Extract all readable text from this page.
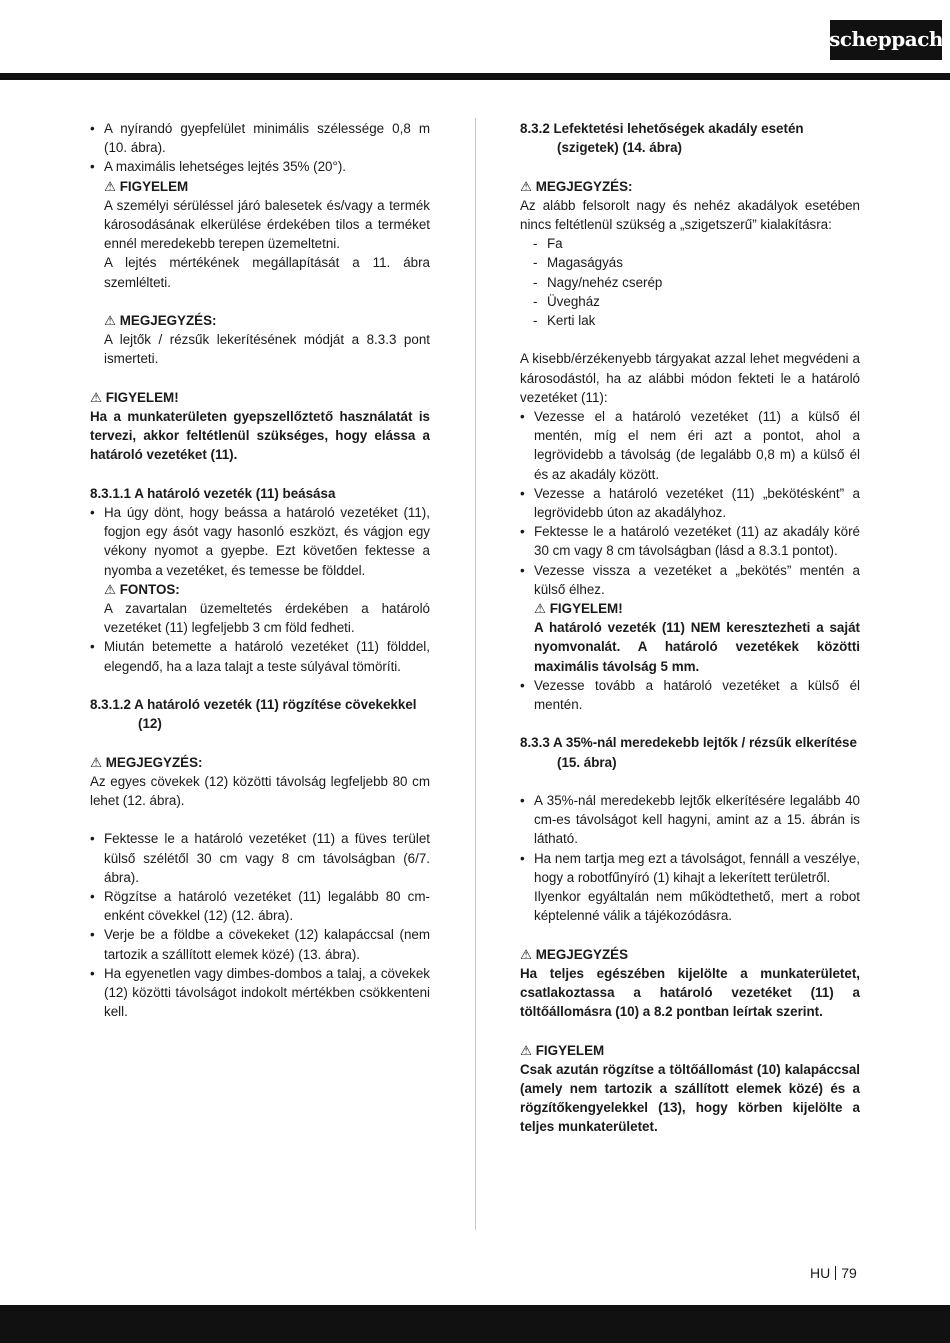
scheppach

• A nyírandó gyepfelület minimális szélessége 0,8 m (10. ábra).

• A maximális lehetséges lejtés 35% (20°).

⚠ FIGYELEM

A személyi sérüléssel járó balesetek és/vagy a termék károsodásának elkerülése érdekében tilos a terméket ennél meredekebb terepen üzemeltetni.

A lejtés mértékének megállapítását a 11. ábra szemlélteti.

⚠ MEGJEGYZÉS:

A lejtők / rézsűk lekerítésének módját a 8.3.3 pont ismerteti.

⚠ FIGYELEM!

Ha a munkaterületen gyepszellőztető használatát is tervezi, akkor feltétlenül szükséges, hogy elássa a határoló vezetéket (11).

8.3.1.1 A határoló vezeték (11) beásása

• Ha úgy dönt, hogy beássa a határoló vezetéket (11), fogjon egy ásót vagy hasonló eszközt, és vágjon egy vékony nyomot a gyepbe. Ezt követően fektesse a nyomba a vezetéket, és temesse be földdel.

⚠ FONTOS:

A zavartalan üzemeltetés érdekében a határoló vezetéket (11) legfeljebb 3 cm föld fedheti.

• Miután betemette a határoló vezetéket (11) földdel, elegendő, ha a laza talajt a teste súlyával tömöríti.

8.3.1.2 A határoló vezeték (11) rögzítése cövekekkel (12)

⚠ MEGJEGYZÉS:

Az egyes cövekek (12) közötti távolság legfeljebb 80 cm lehet (12. ábra).

• Fektesse le a határoló vezetéket (11) a füves terület külső szélétől 30 cm vagy 8 cm távolságban (6/7. ábra).

• Rögzítse a határoló vezetéket (11) legalább 80 cm-enként cövekkel (12) (12. ábra).

• Verje be a földbe a cövekeket (12) kalapáccsal (nem tartozik a szállított elemek közé) (13. ábra).

• Ha egyenetlen vagy dimbes-dombos a talaj, a cövekek (12) közötti távolságot indokolt mértékben csökkenteni kell.

8.3.2 Lefektetési lehetőségek akadály esetén (szigetek) (14. ábra)

⚠ MEGJEGYZÉS:

Az alább felsorolt nagy és nehéz akadályok esetében nincs feltétlenül szükség a „szigetszerű” kialakításra:

- Fa

- Magaságyás

- Nagy/nehéz cserép

- Üvegház

- Kerti lak

A kisebb/érzékenyebb tárgyakat azzal lehet megvédeni a károsodástól, ha az alábbi módon fekteti le a határoló vezetéket (11):

• Vezesse el a határoló vezetéket (11) a külső él mentén, míg el nem éri azt a pontot, ahol a legrövidebb a távolság (de legalább 0,8 m) a külső él és az akadály között.

• Vezesse a határoló vezetéket (11) „bekötésként” a legrövidebb úton az akadályhoz.

• Fektesse le a határoló vezetéket (11) az akadály köré 30 cm vagy 8 cm távolságban (lásd a 8.3.1 pontot).

• Vezesse vissza a vezetéket a „bekötés” mentén a külső élhez.

⚠ FIGYELEM!

A határoló vezeték (11) NEM keresztezheti a saját nyomvonalát. A határoló vezetékek közötti maximális távolság 5 mm.

• Vezesse tovább a határoló vezetéket a külső él mentén.

8.3.3 A 35%-nál meredekebb lejtők / rézsűk elkerítése (15. ábra)

• A 35%-nál meredekebb lejtők elkerítésére legalább 40 cm-es távolságot kell hagyni, amint az a 15. ábrán is látható.

• Ha nem tartja meg ezt a távolságot, fennáll a veszélye, hogy a robotfűnyíró (1) kihajt a lekerített területről.

Ilyenkor egyáltalán nem működtethető, mert a robot képtelenné válik a tájékozódásra.

⚠ MEGJEGYZÉS

Ha teljes egészében kijelölte a munkaterületet, csatlakoztassa a határoló vezetéket (11) a töltőállomásra (10) a 8.2 pontban leírtak szerint.

⚠ FIGYELEM

Csak azután rögzítse a töltőállomást (10) kalapáccsal (amely nem tartozik a szállított elemek közé) és a rögzítőkengyelekkel (13), hogy körben kijelölte a teljes munkaterületet.

HU 79
